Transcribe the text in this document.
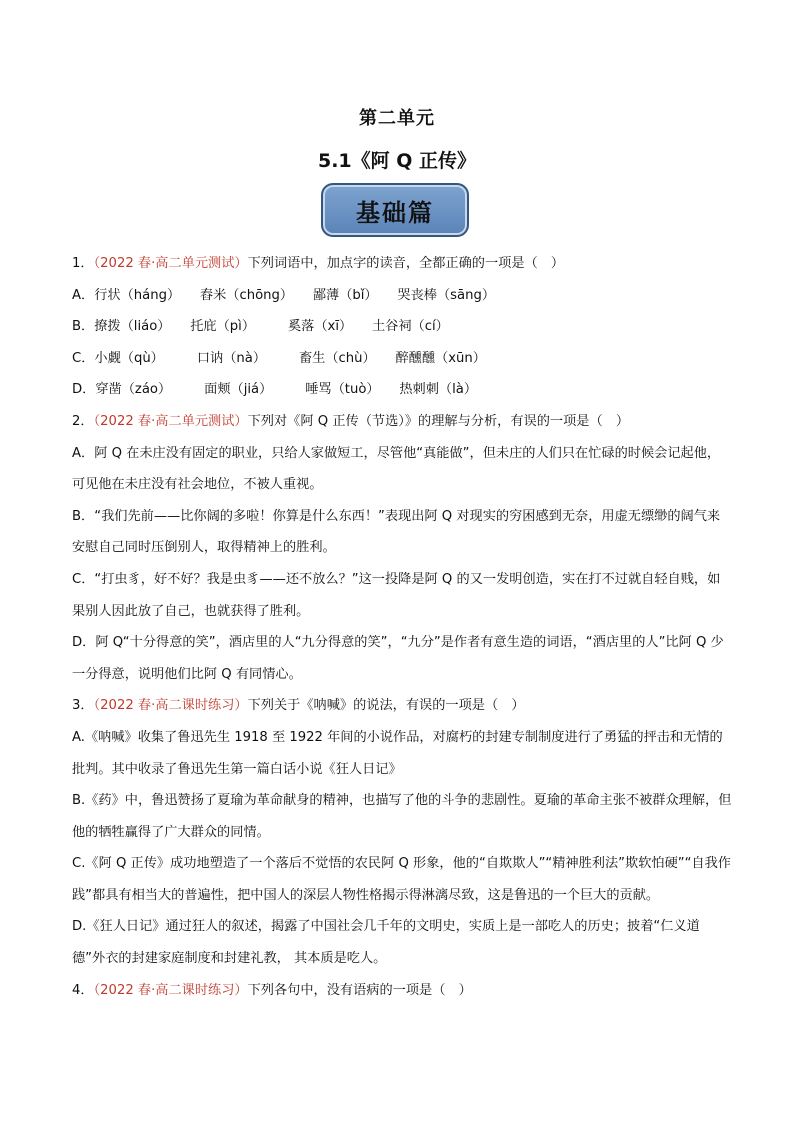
第二单元
5.1《阿 Q 正传》
基础篇
1．（2022 春·高二单元测试）下列词语中，加点字的读音，全都正确的一项是（　）
A．行状（háng）　　舂米（chōng）　　鄙薄（bǐ）　　哭丧棒（sāng）
B．撩拨（liáo）　　托庇（pì）　　　奚落（xī）　　土谷祠（cí）
C．小觑（qù）　　　口讷（nà）　　　畜生（chù）　　醉醺醺（xūn）
D．穿凿（záo）　　　面颊（jiá）　　　唾骂（tuò）　　热刺刺（là）
2．（2022 春·高二单元测试）下列对《阿 Q 正传（节选）》的理解与分析，有误的一项是（　）
A．阿 Q 在未庄没有固定的职业，只给人家做短工，尽管他“真能做”，但未庄的人们只在忙碌的时候会记起他，可见他在未庄没有社会地位，不被人重视。
B．“我们先前——比你阔的多啦！你算是什么东西！”表现出阿 Q 对现实的穷困感到无奈，用虚无缥缈的阔气来安慰自己同时压倒别人，取得精神上的胜利。
C．“打虫豸，好不好？我是虫豸——还不放么？”这一投降是阿 Q 的又一发明创造，实在打不过就自轻自贱，如果别人因此放了自己，也就获得了胜利。
D．阿 Q“十分得意的笑”，酒店里的人“九分得意的笑”，“九分”是作者有意生造的词语，“酒店里的人”比阿 Q 少一分得意，说明他们比阿 Q 有同情心。
3．（2022 春·高二课时练习）下列关于《呐喊》的说法，有误的一项是（　）
A.《呐喊》收集了鲁迅先生 1918 至 1922 年间的小说作品，对腐朽的封建专制制度进行了勇猛的抨击和无情的批判。其中收录了鲁迅先生第一篇白话小说《狂人日记》
B.《药》中，鲁迅赞扬了夏瑜为革命献身的精神，也描写了他的斗争的悲剧性。夏瑜的革命主张不被群众理解，但他的牺牲赢得了广大群众的同情。
C.《阿 Q 正传》成功地塑造了一个落后不觉悟的农民阿 Q 形象，他的“自欺欺人”“精神胜利法”欺软怕硬”“自我作践”都具有相当大的普遍性，把中国人的深层人物性格揭示得淋漓尽致，这是鲁迅的一个巨大的贡献。
D.《狂人日记》通过狂人的叙述，揭露了中国社会几千年的文明史，实质上是一部吃人的历史；披着“仁义道德”外衣的封建家庭制度和封建礼教， 其本质是吃人。
4．（2022 春·高二课时练习）下列各句中，没有语病的一项是（　）
